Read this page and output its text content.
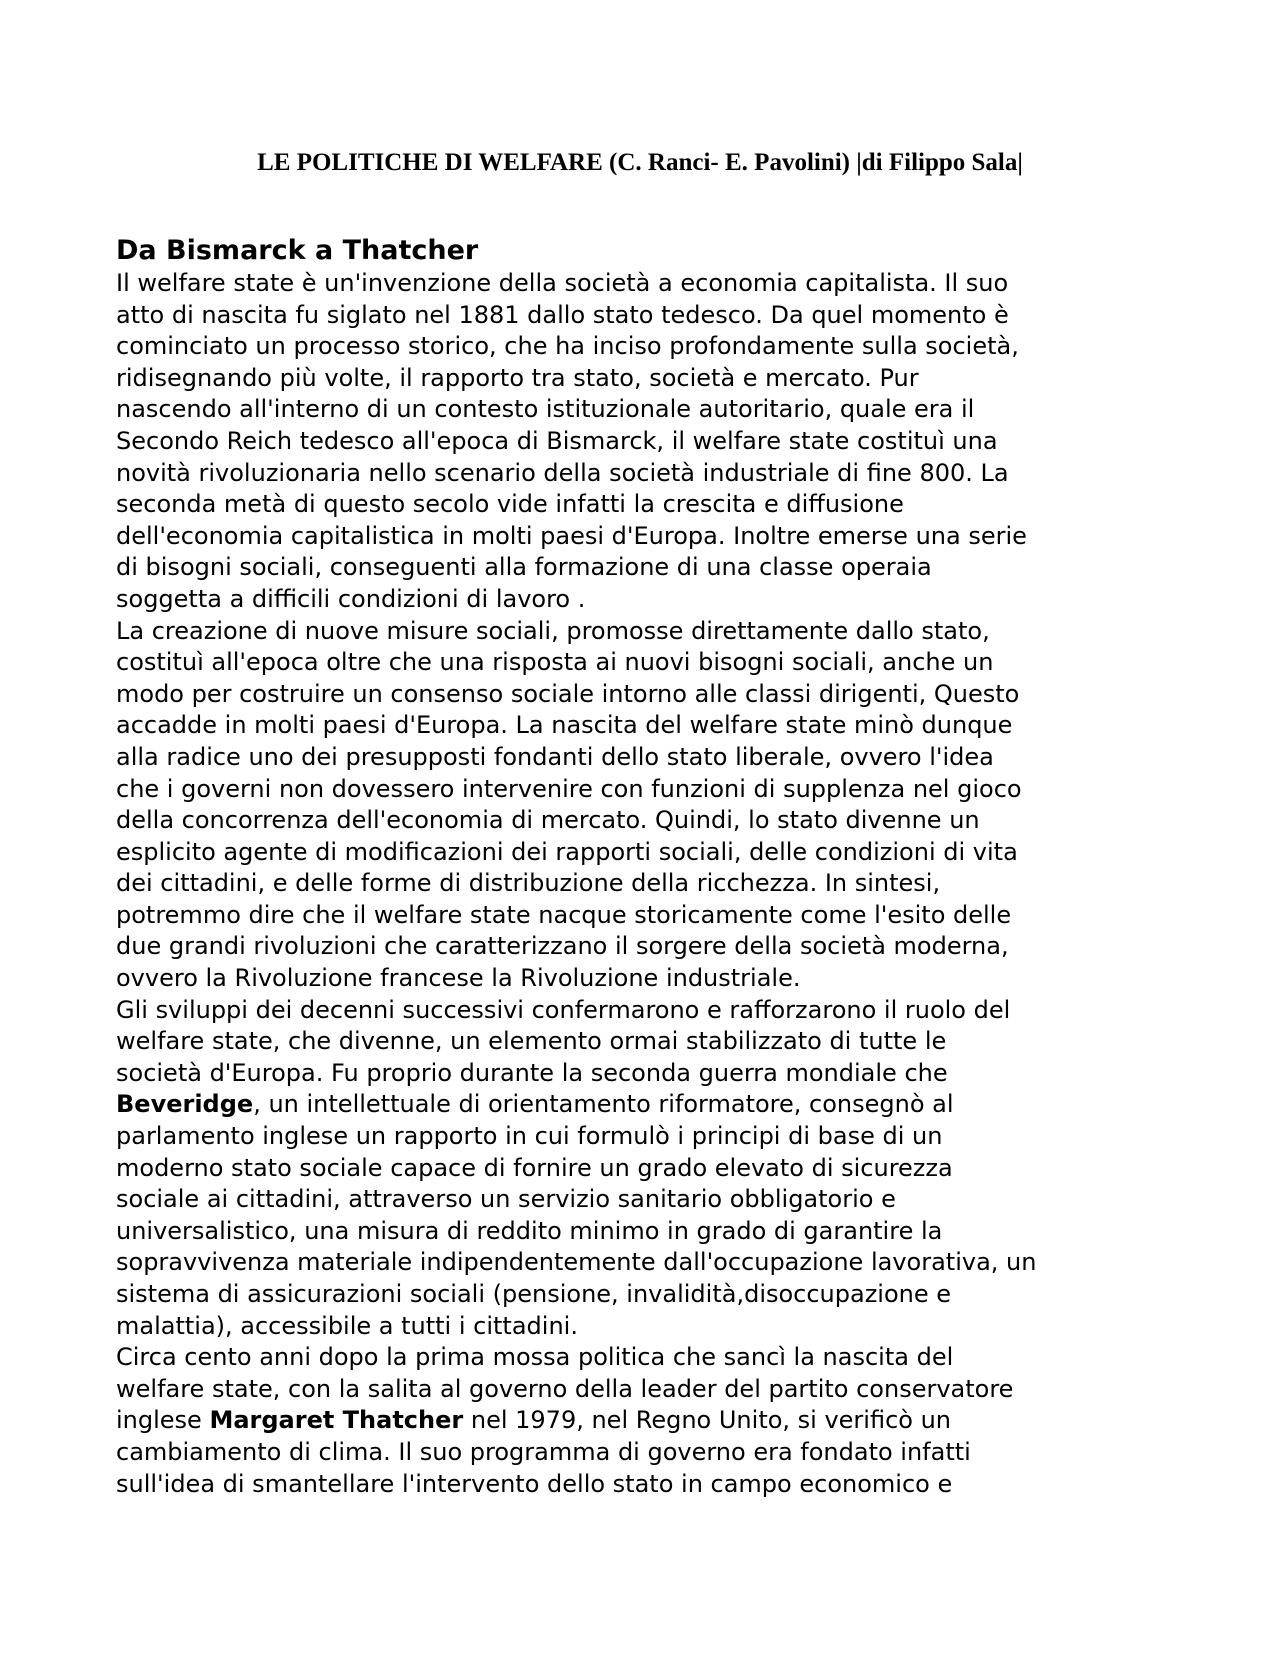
LE POLITICHE DI WELFARE (C. Ranci- E. Pavolini) |di Filippo Sala|
Da Bismarck a Thatcher
Il welfare state è un'invenzione della società a economia capitalista. Il suo
atto di nascita fu siglato nel 1881 dallo stato tedesco. Da quel momento è
cominciato un processo storico, che ha inciso profondamente sulla società,
ridisegnando più volte, il rapporto tra stato, società e mercato. Pur
nascendo all'interno di un contesto istituzionale autoritario, quale era il
Secondo Reich tedesco all'epoca di Bismarck, il welfare state costituì una
novità rivoluzionaria nello scenario della società industriale di fine 800. La
seconda metà di questo secolo vide infatti la crescita e diffusione
dell'economia capitalistica in molti paesi d'Europa. Inoltre emerse una serie
di bisogni sociali, conseguenti alla formazione di una classe operaia
soggetta a difficili condizioni di lavoro .
La creazione di nuove misure sociali, promosse direttamente dallo stato,
costituì all'epoca oltre che una risposta ai nuovi bisogni sociali, anche un
modo per costruire un consenso sociale intorno alle classi dirigenti, Questo
accadde in molti paesi d'Europa. La nascita del welfare state minò dunque
alla radice uno dei presupposti fondanti dello stato liberale, ovvero l'idea
che i governi non dovessero intervenire con funzioni di supplenza nel gioco
della concorrenza dell'economia di mercato. Quindi, lo stato divenne un
esplicito agente di modificazioni dei rapporti sociali, delle condizioni di vita
dei cittadini, e delle forme di distribuzione della ricchezza. In sintesi,
potremmo dire che il welfare state nacque storicamente come l'esito delle
due grandi rivoluzioni che caratterizzano il sorgere della società moderna,
ovvero la Rivoluzione francese la Rivoluzione industriale.
Gli sviluppi dei decenni successivi confermarono e rafforzarono il ruolo del
welfare state, che divenne, un elemento ormai stabilizzato di tutte le
società d'Europa. Fu proprio durante la seconda guerra mondiale che
Beveridge, un intellettuale di orientamento riformatore, consegnò al
parlamento inglese un rapporto in cui formulò i principi di base di un
moderno stato sociale capace di fornire un grado elevato di sicurezza
sociale ai cittadini, attraverso un servizio sanitario obbligatorio e
universalistico, una misura di reddito minimo in grado di garantire la
sopravvivenza materiale indipendentemente dall'occupazione lavorativa, un
sistema di assicurazioni sociali (pensione, invalidità,disoccupazione e
malattia), accessibile a tutti i cittadini.
Circa cento anni dopo la prima mossa politica che sancì la nascita del
welfare state, con la salita al governo della leader del partito conservatore
inglese Margaret Thatcher nel 1979, nel Regno Unito, si verificò un
cambiamento di clima. Il suo programma di governo era fondato infatti
sull'idea di smantellare l'intervento dello stato in campo economico e
